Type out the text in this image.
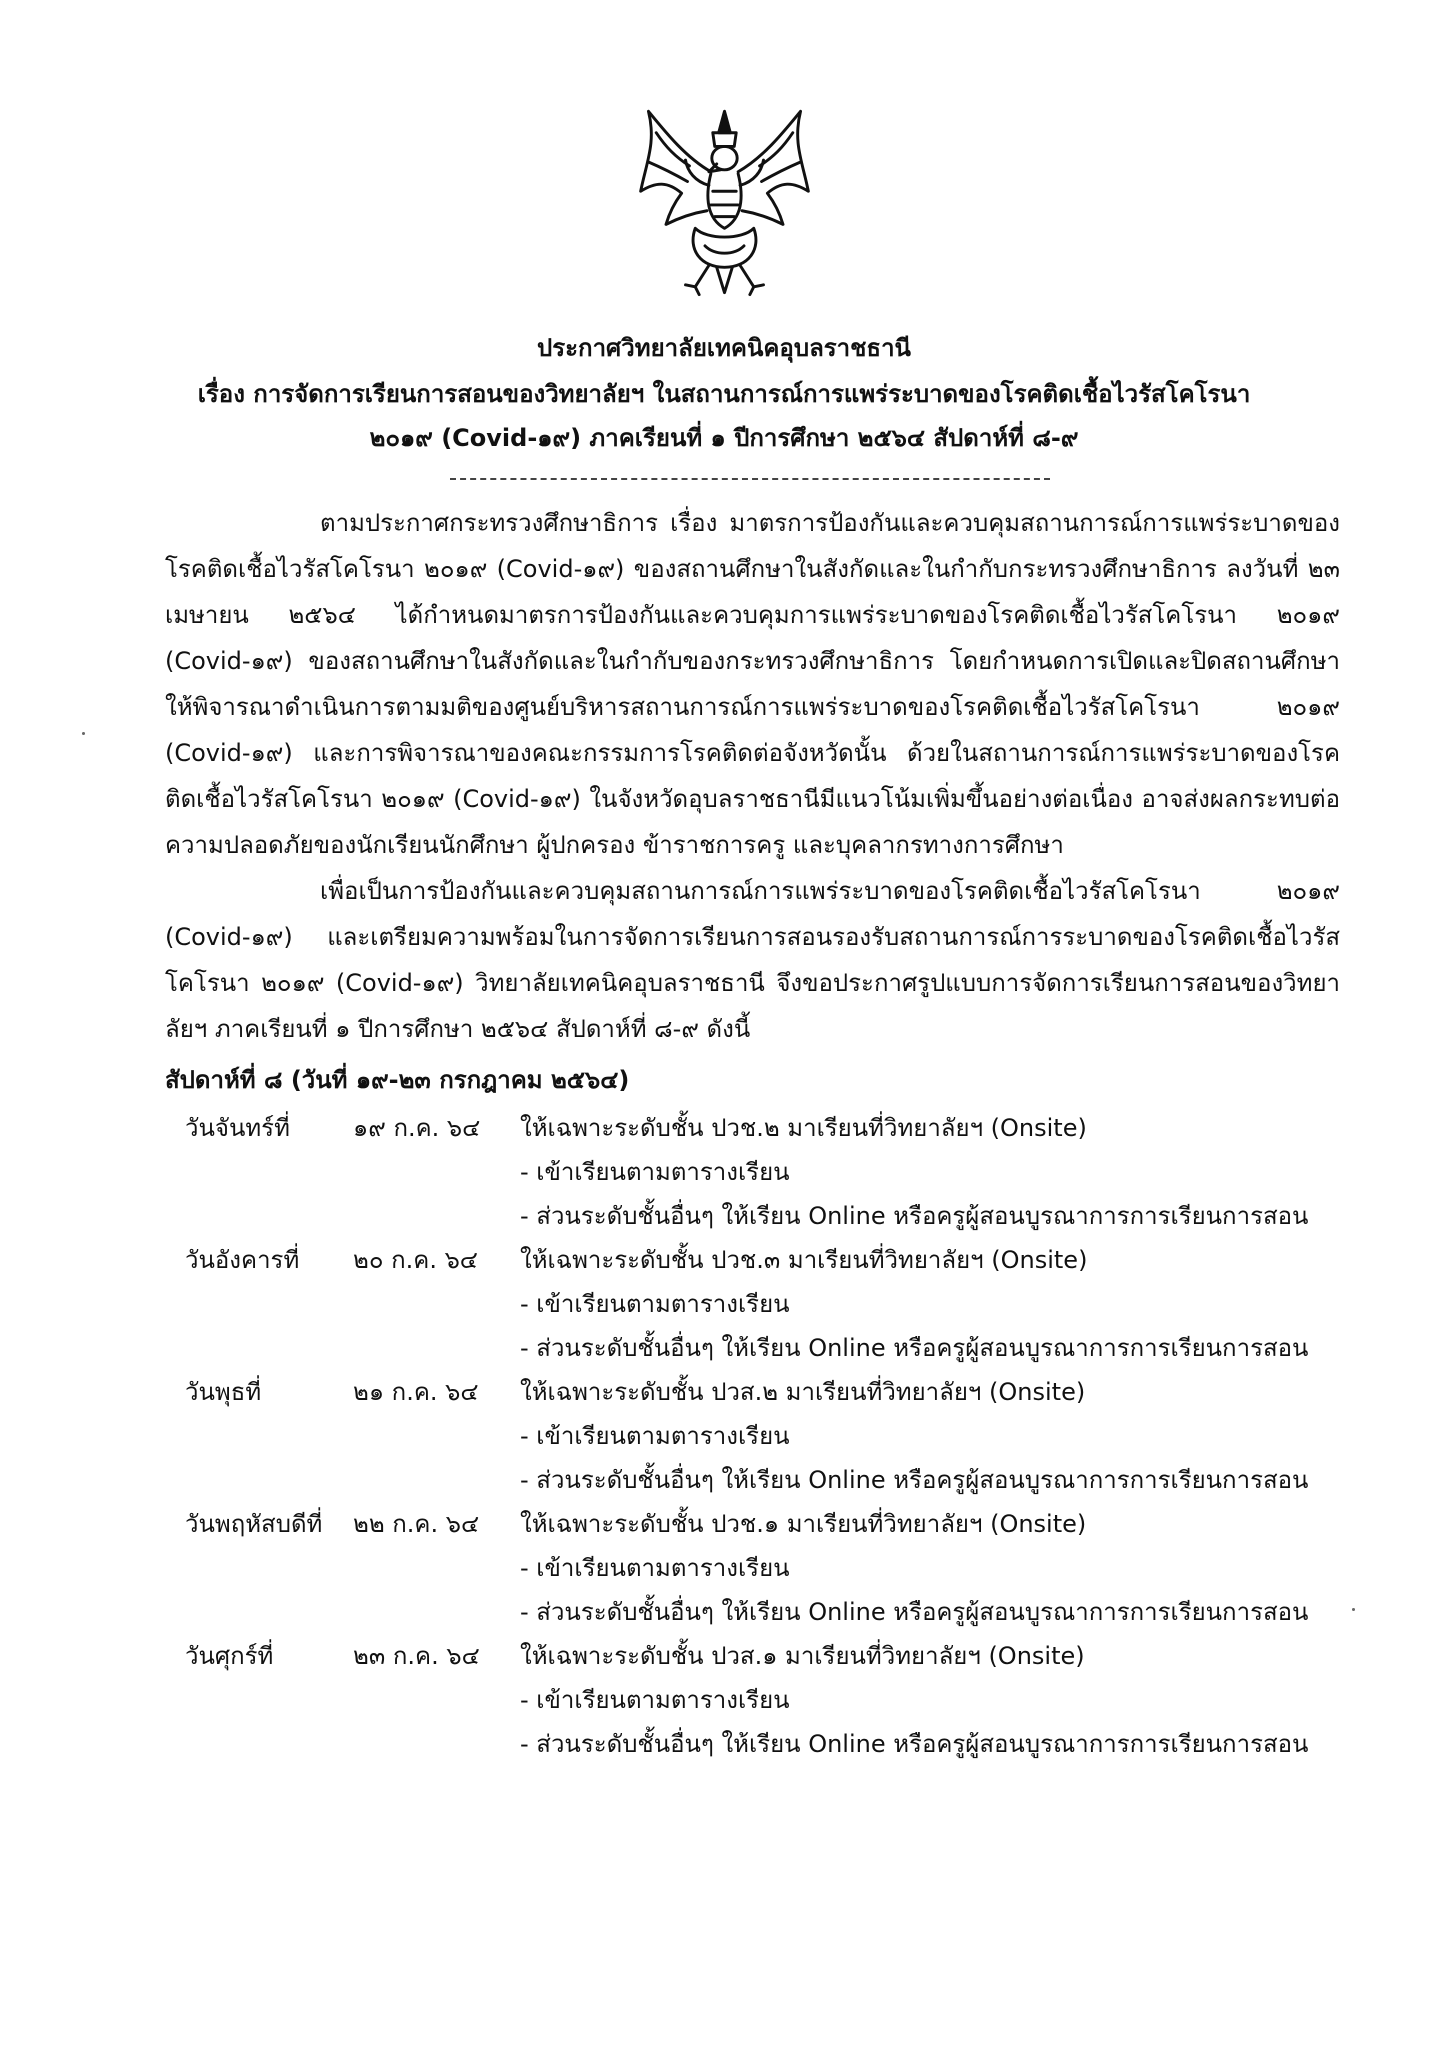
ประกาศวิทยาลัยเทคนิคอุบลราชธานี
เรื่อง การจัดการเรียนการสอนของวิทยาลัยฯ ในสถานการณ์การแพร่ระบาดของโรคติดเชื้อไวรัสโคโรนา
๒๐๑๙ (Covid-๑๙) ภาคเรียนที่ ๑ ปีการศึกษา ๒๕๖๔ สัปดาห์ที่ ๘-๙

ตามประกาศกระทรวงศึกษาธิการ เรื่อง มาตรการป้องกันและควบคุมสถานการณ์การแพร่ระบาดของโรคติดเชื้อไวรัสโคโรนา ๒๐๑๙ (Covid-๑๙) ของสถานศึกษาในสังกัดและในกำกับกระทรวงศึกษาธิการ ลงวันที่ ๒๓ เมษายน ๒๕๖๔ ได้กำหนดมาตรการป้องกันและควบคุมการแพร่ระบาดของโรคติดเชื้อไวรัสโคโรนา ๒๐๑๙ (Covid-๑๙) ของสถานศึกษาในสังกัดและในกำกับของกระทรวงศึกษาธิการ โดยกำหนดการเปิดและปิดสถานศึกษาให้พิจารณาดำเนินการตามมติของศูนย์บริหารสถานการณ์การแพร่ระบาดของโรคติดเชื้อไวรัสโคโรนา ๒๐๑๙ (Covid-๑๙) และการพิจารณาของคณะกรรมการโรคติดต่อจังหวัดนั้น ด้วยในสถานการณ์การแพร่ระบาดของโรคติดเชื้อไวรัสโคโรนา ๒๐๑๙ (Covid-๑๙) ในจังหวัดอุบลราชธานีมีแนวโน้มเพิ่มขึ้นอย่างต่อเนื่อง อาจส่งผลกระทบต่อความปลอดภัยของนักเรียนนักศึกษา ผู้ปกครอง ข้าราชการครู และบุคลากรทางการศึกษา

เพื่อเป็นการป้องกันและควบคุมสถานการณ์การแพร่ระบาดของโรคติดเชื้อไวรัสโคโรนา ๒๐๑๙ (Covid-๑๙) และเตรียมความพร้อมในการจัดการเรียนการสอนรองรับสถานการณ์การระบาดของโรคติดเชื้อไวรัสโคโรนา ๒๐๑๙ (Covid-๑๙) วิทยาลัยเทคนิคอุบลราชธานี จึงขอประกาศรูปแบบการจัดการเรียนการสอนของวิทยาลัยฯ ภาคเรียนที่ ๑ ปีการศึกษา ๒๕๖๔ สัปดาห์ที่ ๘-๙ ดังนี้

สัปดาห์ที่ ๘ (วันที่ ๑๙-๒๓ กรกฎาคม ๒๕๖๔)
วันจันทร์ที่	๑๙ ก.ค. ๖๔ ให้เฉพาะระดับชั้น ปวช.๒ มาเรียนที่วิทยาลัยฯ (Onsite)
- เข้าเรียนตามตารางเรียน
- ส่วนระดับชั้นอื่นๆ ให้เรียน Online หรือครูผู้สอนบูรณาการการเรียนการสอน
วันอังคารที่ ๒๐ ก.ค. ๖๔ ให้เฉพาะระดับชั้น ปวช.๓ มาเรียนที่วิทยาลัยฯ (Onsite)
- เข้าเรียนตามตารางเรียน
- ส่วนระดับชั้นอื่นๆ ให้เรียน Online หรือครูผู้สอนบูรณาการการเรียนการสอน
วันพุธที่	๒๑ ก.ค. ๖๔ ให้เฉพาะระดับชั้น ปวส.๒ มาเรียนที่วิทยาลัยฯ (Onsite)
- เข้าเรียนตามตารางเรียน
- ส่วนระดับชั้นอื่นๆ ให้เรียน Online หรือครูผู้สอนบูรณาการการเรียนการสอน
วันพฤหัสบดีที่ ๒๒ ก.ค. ๖๔ ให้เฉพาะระดับชั้น ปวช.๑ มาเรียนที่วิทยาลัยฯ (Onsite)
- เข้าเรียนตามตารางเรียน
- ส่วนระดับชั้นอื่นๆ ให้เรียน Online หรือครูผู้สอนบูรณาการการเรียนการสอน
วันศุกร์ที่	๒๓ ก.ค. ๖๔ ให้เฉพาะระดับชั้น ปวส.๑ มาเรียนที่วิทยาลัยฯ (Onsite)
- เข้าเรียนตามตารางเรียน
- ส่วนระดับชั้นอื่นๆ ให้เรียน Online หรือครูผู้สอนบูรณาการการเรียนการสอน
